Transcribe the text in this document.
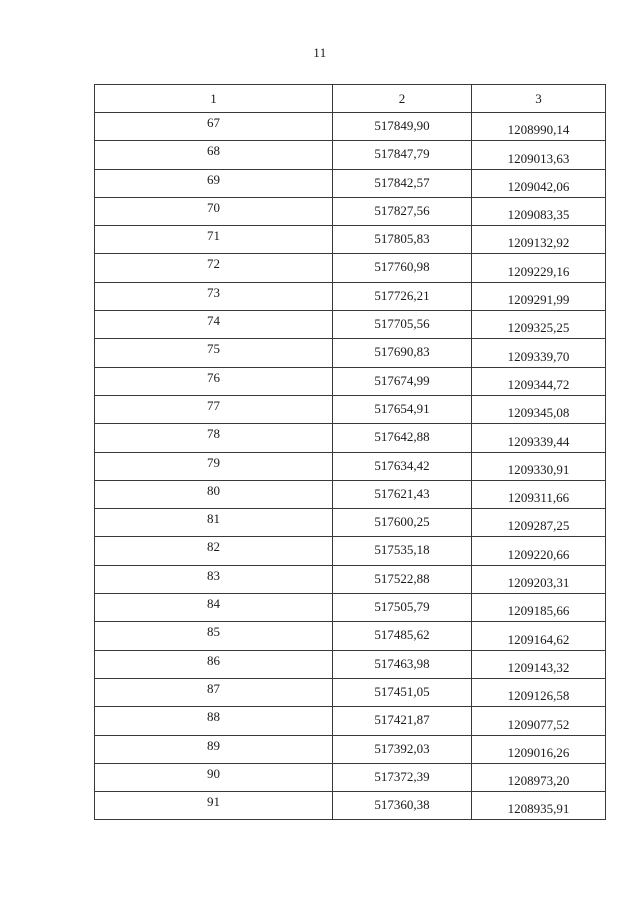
11
1	2	3
67	517849,90	1208990,14
68	517847,79	1209013,63
69	517842,57	1209042,06
70	517827,56	1209083,35
71	517805,83	1209132,92
72	517760,98	1209229,16
73	517726,21	1209291,99
74	517705,56	1209325,25
75	517690,83	1209339,70
76	517674,99	1209344,72
77	517654,91	1209345,08
78	517642,88	1209339,44
79	517634,42	1209330,91
80	517621,43	1209311,66
81	517600,25	1209287,25
82	517535,18	1209220,66
83	517522,88	1209203,31
84	517505,79	1209185,66
85	517485,62	1209164,62
86	517463,98	1209143,32
87	517451,05	1209126,58
88	517421,87	1209077,52
89	517392,03	1209016,26
90	517372,39	1208973,20
91	517360,38	1208935,91
